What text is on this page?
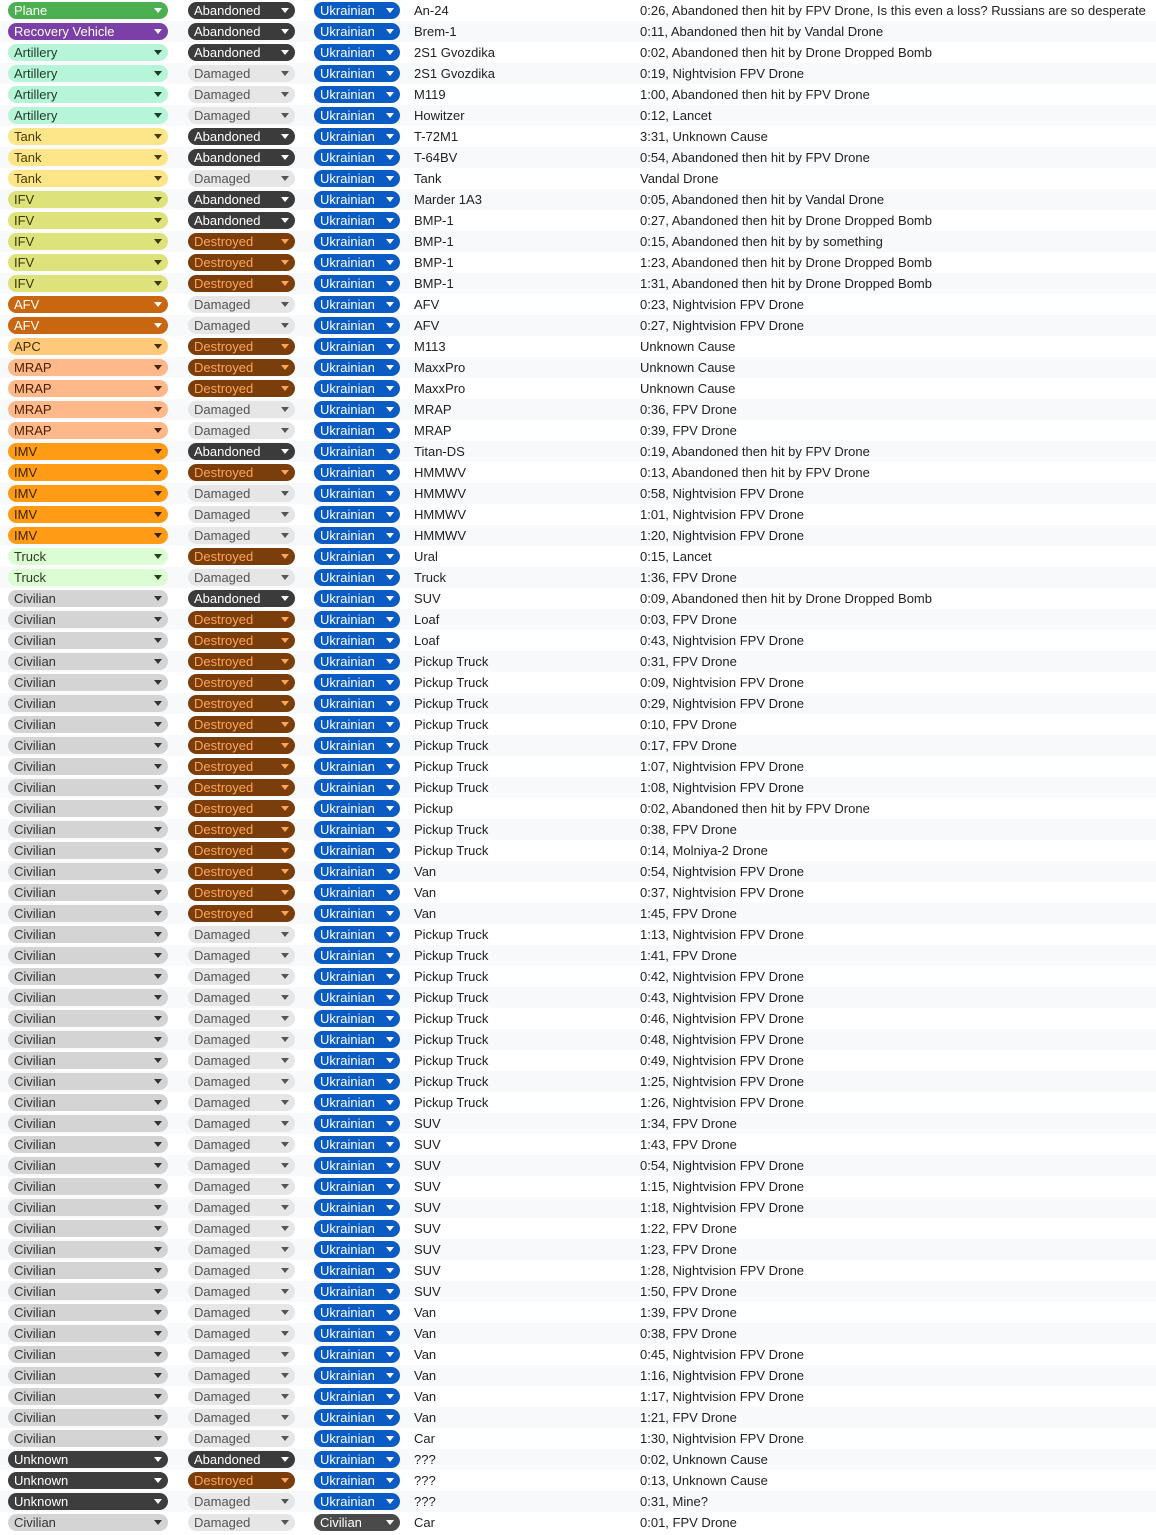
Plane	Abandoned	Ukrainian	An-24	0:26, Abandoned then hit by FPV Drone, Is this even a loss? Russians are so desperate
Recovery Vehicle	Abandoned	Ukrainian	Brem-1	0:11, Abandoned then hit by Vandal Drone
Artillery	Abandoned	Ukrainian	2S1 Gvozdika	0:02, Abandoned then hit by Drone Dropped Bomb
Artillery	Damaged	Ukrainian	2S1 Gvozdika	0:19, Nightvision FPV Drone
Artillery	Damaged	Ukrainian	M119	1:00, Abandoned then hit by FPV Drone
Artillery	Damaged	Ukrainian	Howitzer	0:12, Lancet
Tank	Abandoned	Ukrainian	T-72M1	3:31, Unknown Cause
Tank	Abandoned	Ukrainian	T-64BV	0:54, Abandoned then hit by FPV Drone
Tank	Damaged	Ukrainian	Tank	Vandal Drone
IFV	Abandoned	Ukrainian	Marder 1A3	0:05, Abandoned then hit by Vandal Drone
IFV	Abandoned	Ukrainian	BMP-1	0:27, Abandoned then hit by Drone Dropped Bomb
IFV	Destroyed	Ukrainian	BMP-1	0:15, Abandoned then hit by by something
IFV	Destroyed	Ukrainian	BMP-1	1:23, Abandoned then hit by Drone Dropped Bomb
IFV	Destroyed	Ukrainian	BMP-1	1:31, Abandoned then hit by Drone Dropped Bomb
AFV	Damaged	Ukrainian	AFV	0:23, Nightvision FPV Drone
AFV	Damaged	Ukrainian	AFV	0:27, Nightvision FPV Drone
APC	Destroyed	Ukrainian	M113	Unknown Cause
MRAP	Destroyed	Ukrainian	MaxxPro	Unknown Cause
MRAP	Destroyed	Ukrainian	MaxxPro	Unknown Cause
MRAP	Damaged	Ukrainian	MRAP	0:36, FPV Drone
MRAP	Damaged	Ukrainian	MRAP	0:39, FPV Drone
IMV	Abandoned	Ukrainian	Titan-DS	0:19, Abandoned then hit by FPV Drone
IMV	Destroyed	Ukrainian	HMMWV	0:13, Abandoned then hit by FPV Drone
IMV	Damaged	Ukrainian	HMMWV	0:58, Nightvision FPV Drone
IMV	Damaged	Ukrainian	HMMWV	1:01, Nightvision FPV Drone
IMV	Damaged	Ukrainian	HMMWV	1:20, Nightvision FPV Drone
Truck	Destroyed	Ukrainian	Ural	0:15, Lancet
Truck	Damaged	Ukrainian	Truck	1:36, FPV Drone
Civilian	Abandoned	Ukrainian	SUV	0:09, Abandoned then hit by Drone Dropped Bomb
Civilian	Destroyed	Ukrainian	Loaf	0:03, FPV Drone
Civilian	Destroyed	Ukrainian	Loaf	0:43, Nightvision FPV Drone
Civilian	Destroyed	Ukrainian	Pickup Truck	0:31, FPV Drone
Civilian	Destroyed	Ukrainian	Pickup Truck	0:09, Nightvision FPV Drone
Civilian	Destroyed	Ukrainian	Pickup Truck	0:29, Nightvision FPV Drone
Civilian	Destroyed	Ukrainian	Pickup Truck	0:10, FPV Drone
Civilian	Destroyed	Ukrainian	Pickup Truck	0:17, FPV Drone
Civilian	Destroyed	Ukrainian	Pickup Truck	1:07, Nightvision FPV Drone
Civilian	Destroyed	Ukrainian	Pickup Truck	1:08, Nightvision FPV Drone
Civilian	Destroyed	Ukrainian	Pickup	0:02, Abandoned then hit by FPV Drone
Civilian	Destroyed	Ukrainian	Pickup Truck	0:38, FPV Drone
Civilian	Destroyed	Ukrainian	Pickup Truck	0:14, Molniya-2 Drone
Civilian	Destroyed	Ukrainian	Van	0:54, Nightvision FPV Drone
Civilian	Destroyed	Ukrainian	Van	0:37, Nightvision FPV Drone
Civilian	Destroyed	Ukrainian	Van	1:45, FPV Drone
Civilian	Damaged	Ukrainian	Pickup Truck	1:13, Nightvision FPV Drone
Civilian	Damaged	Ukrainian	Pickup Truck	1:41, FPV Drone
Civilian	Damaged	Ukrainian	Pickup Truck	0:42, Nightvision FPV Drone
Civilian	Damaged	Ukrainian	Pickup Truck	0:43, Nightvision FPV Drone
Civilian	Damaged	Ukrainian	Pickup Truck	0:46, Nightvision FPV Drone
Civilian	Damaged	Ukrainian	Pickup Truck	0:48, Nightvision FPV Drone
Civilian	Damaged	Ukrainian	Pickup Truck	0:49, Nightvision FPV Drone
Civilian	Damaged	Ukrainian	Pickup Truck	1:25, Nightvision FPV Drone
Civilian	Damaged	Ukrainian	Pickup Truck	1:26, Nightvision FPV Drone
Civilian	Damaged	Ukrainian	SUV	1:34, FPV Drone
Civilian	Damaged	Ukrainian	SUV	1:43, FPV Drone
Civilian	Damaged	Ukrainian	SUV	0:54, Nightvision FPV Drone
Civilian	Damaged	Ukrainian	SUV	1:15, Nightvision FPV Drone
Civilian	Damaged	Ukrainian	SUV	1:18, Nightvision FPV Drone
Civilian	Damaged	Ukrainian	SUV	1:22, FPV Drone
Civilian	Damaged	Ukrainian	SUV	1:23, FPV Drone
Civilian	Damaged	Ukrainian	SUV	1:28, Nightvision FPV Drone
Civilian	Damaged	Ukrainian	SUV	1:50, FPV Drone
Civilian	Damaged	Ukrainian	Van	1:39, FPV Drone
Civilian	Damaged	Ukrainian	Van	0:38, FPV Drone
Civilian	Damaged	Ukrainian	Van	0:45, Nightvision FPV Drone
Civilian	Damaged	Ukrainian	Van	1:16, Nightvision FPV Drone
Civilian	Damaged	Ukrainian	Van	1:17, Nightvision FPV Drone
Civilian	Damaged	Ukrainian	Van	1:21, FPV Drone
Civilian	Damaged	Ukrainian	Car	1:30, Nightvision FPV Drone
Unknown	Abandoned	Ukrainian	???	0:02, Unknown Cause
Unknown	Destroyed	Ukrainian	???	0:13, Unknown Cause
Unknown	Damaged	Ukrainian	???	0:31, Mine?
Civilian	Damaged	Civilian	Car	0:01, FPV Drone
